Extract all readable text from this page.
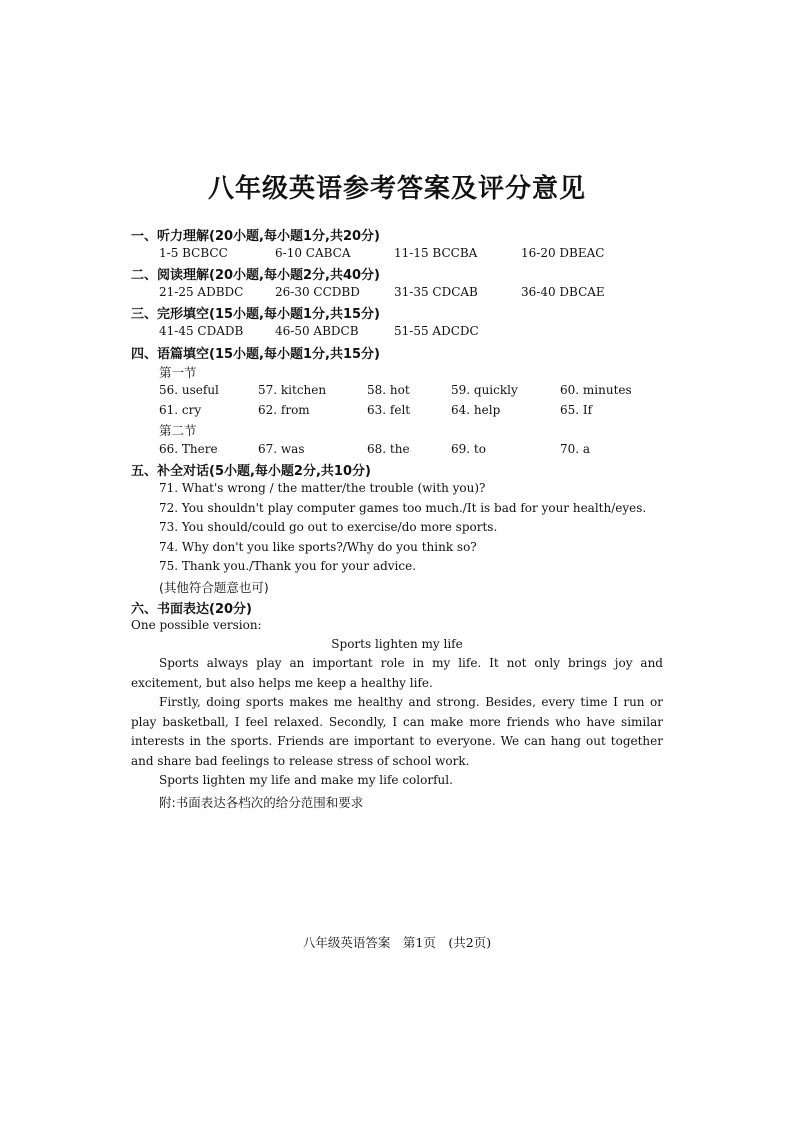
八年级英语参考答案及评分意见
一、听力理解(20小题,每小题1分,共20分)
1-5 BCBCC	6-10 CABCA	11-15 BCCBA	16-20 DBEAC
二、阅读理解(20小题,每小题2分,共40分)
21-25 ADBDC	26-30 CCDBD	31-35 CDCAB	36-40 DBCAE
三、完形填空(15小题,每小题1分,共15分)
41-45 CDADB	46-50 ABDCB	51-55 ADCDC
四、语篇填空(15小题,每小题1分,共15分)
第一节
56. useful	57. kitchen	58. hot	59. quickly	60. minutes
61. cry	62. from	63. felt	64. help	65. If
第二节
66. There	67. was	68. the	69. to	70. a
五、补全对话(5小题,每小题2分,共10分)
71. What's wrong / the matter/the trouble (with you)?
72. You shouldn't play computer games too much./It is bad for your health/eyes.
73. You should/could go out to exercise/do more sports.
74. Why don't you like sports?/Why do you think so?
75. Thank you./Thank you for your advice.
(其他符合题意也可)
六、书面表达(20分)
One possible version:
Sports lighten my life

Sports always play an important role in my life. It not only brings joy and excitement, but also helps me keep a healthy life.

Firstly, doing sports makes me healthy and strong. Besides, every time I run or play basketball, I feel relaxed. Secondly, I can make more friends who have similar interests in the sports. Friends are important to everyone. We can hang out together and share bad feelings to release stress of school work.

Sports lighten my life and make my life colorful.

附:书面表达各档次的给分范围和要求
八年级英语答案　第1页　(共2页)
